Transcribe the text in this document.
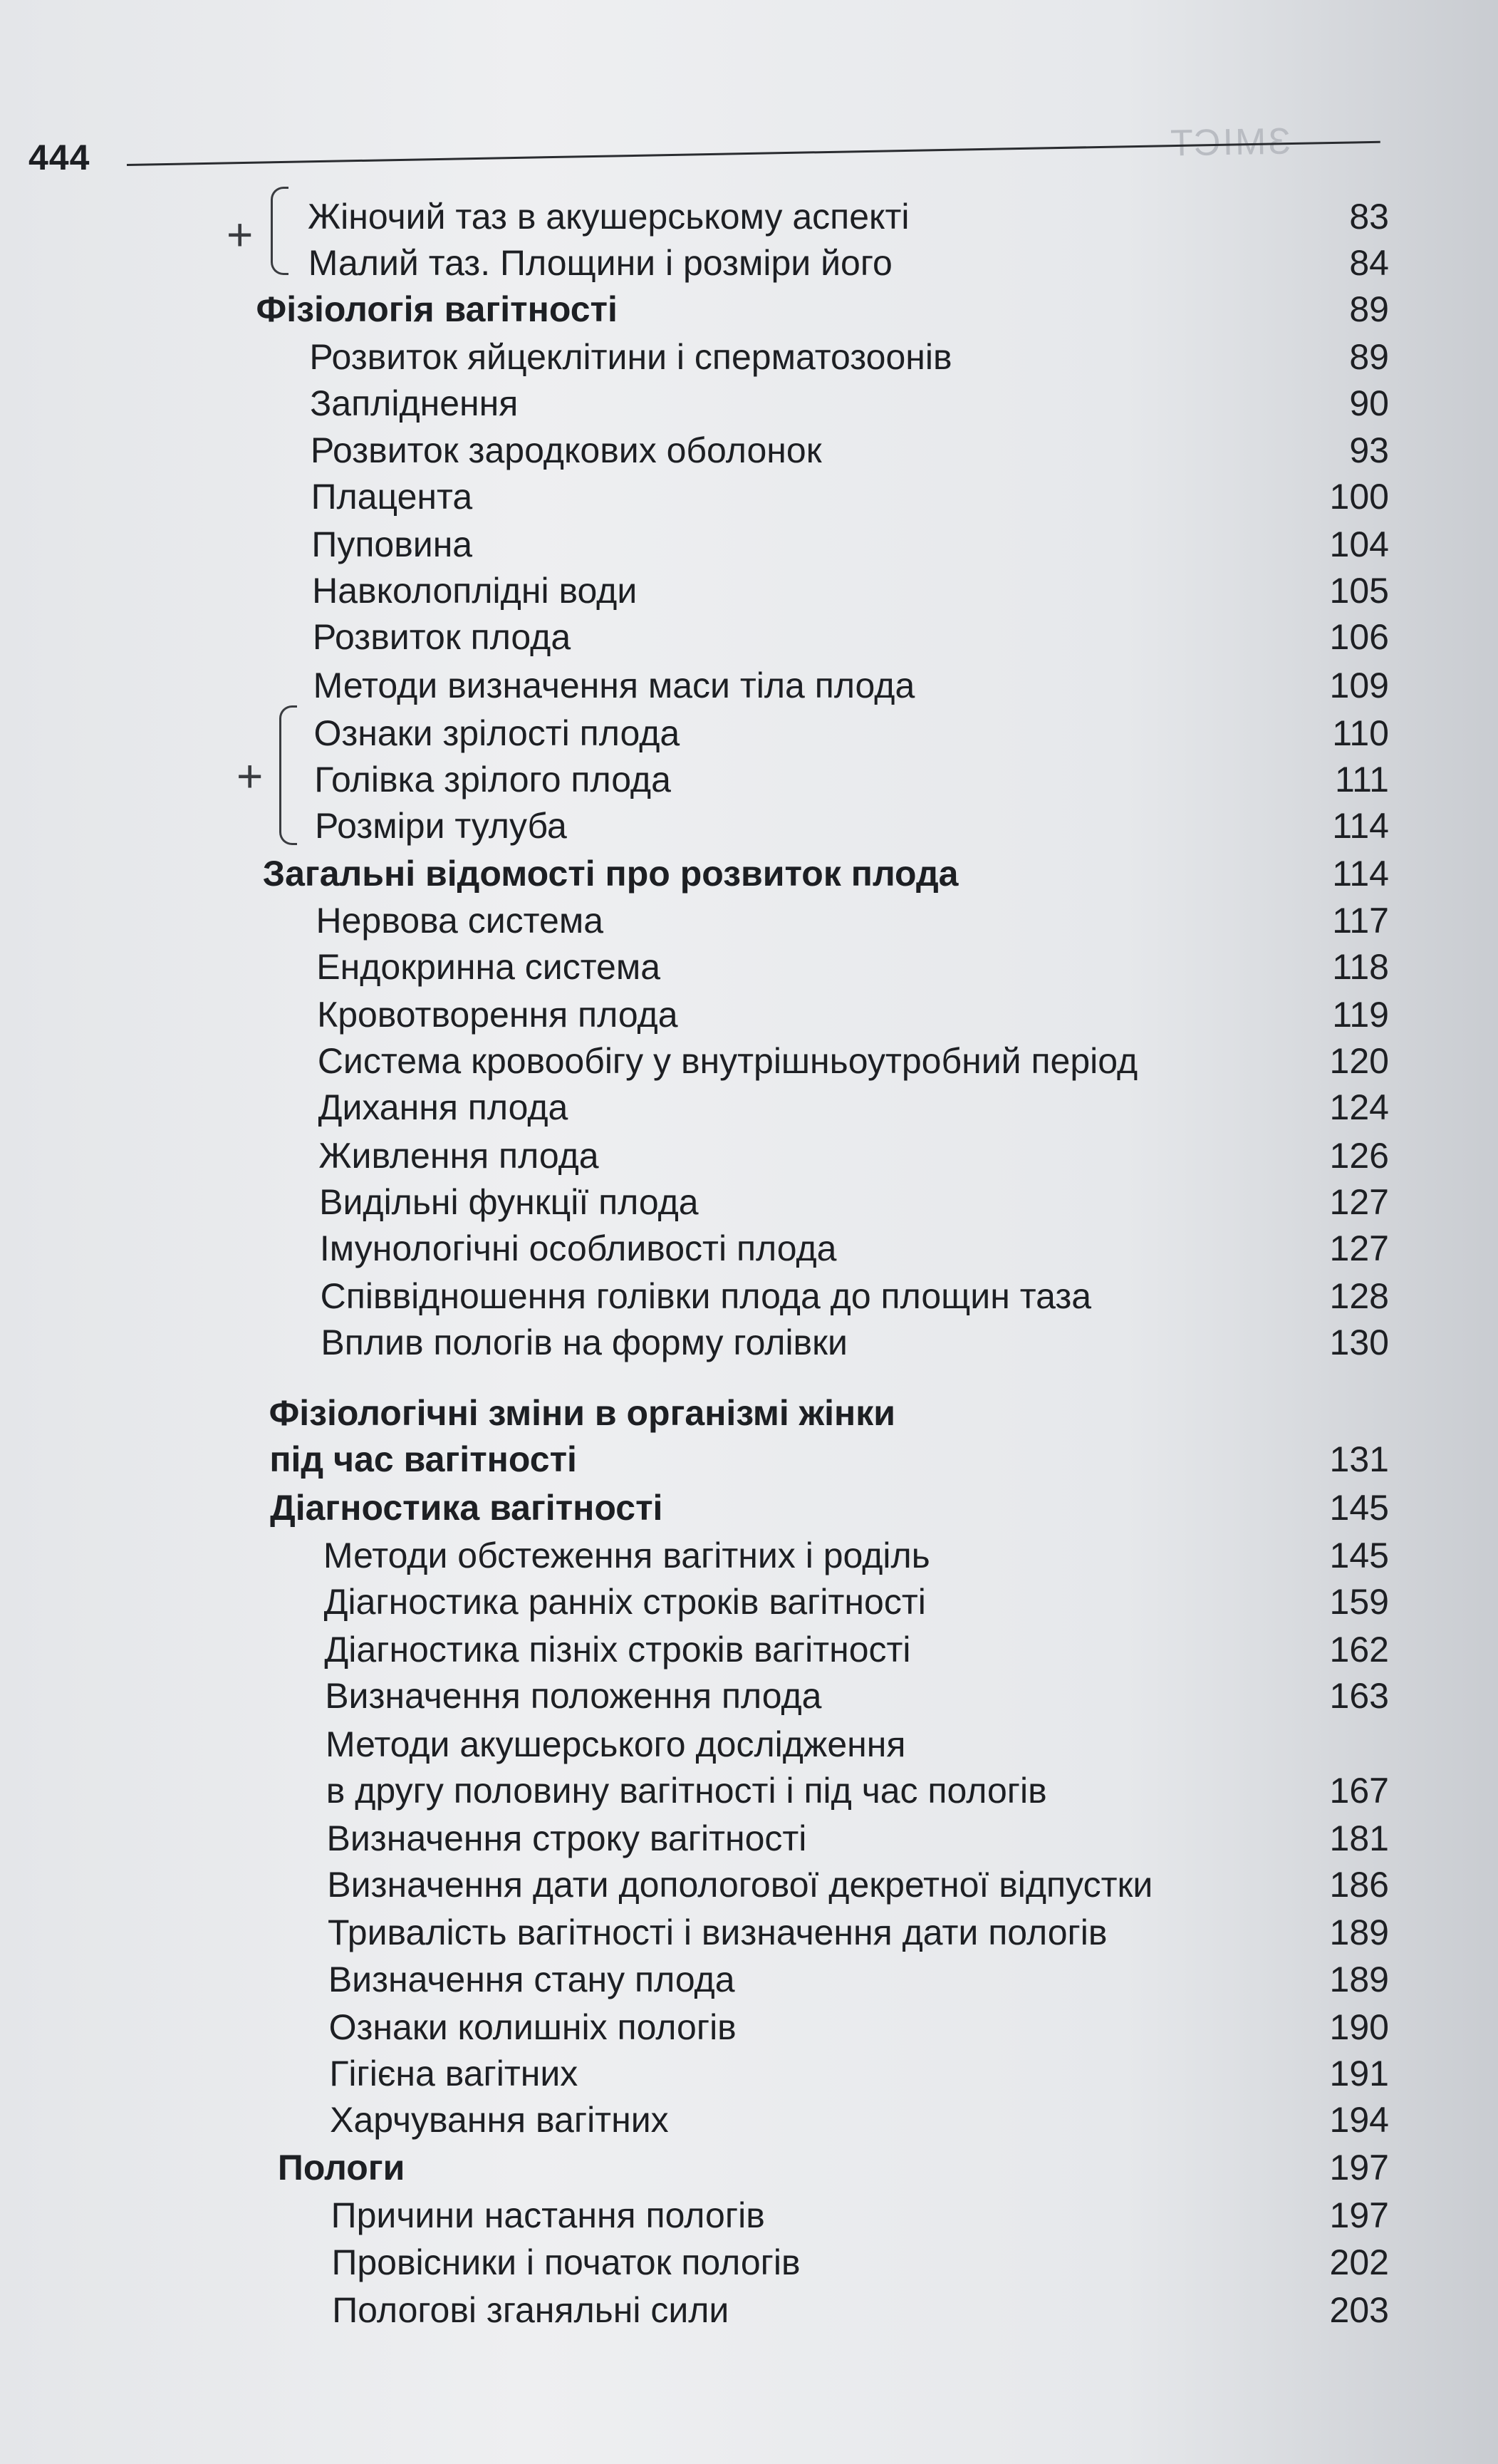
ЗМІСТ
444
+
+
Жіночий таз в акушерському аспекті	83
Малий таз. Площини і розміри його	84
Фізіологія вагітності	89
Розвиток яйцеклітини і сперматозоонів	89
Запліднення	90
Розвиток зародкових оболонок	93
Плацента	100
Пуповина	104
Навколоплідні води	105
Розвиток плода	106
Методи визначення маси тіла плода	109
Ознаки зрілості плода	110
Голівка зрілого плода	111
Розміри тулуба	114
Загальні відомості про розвиток плода	114
Нервова система	117
Ендокринна система	118
Кровотворення плода	119
Система кровообігу у внутрішньоутробний період	120
Дихання плода	124
Живлення плода	126
Видільні функції плода	127
Імунологічні особливості плода	127
Співвідношення голівки плода до площин таза	128
Вплив пологів на форму голівки	130
Фізіологічні зміни в організмі жінки
під час вагітності	131
Діагностика вагітності	145
Методи обстеження вагітних і роділь	145
Діагностика ранніх строків вагітності	159
Діагностика пізніх строків вагітності	162
Визначення положення плода	163
Методи акушерського дослідження
в другу половину вагітності і під час пологів	167
Визначення строку вагітності	181
Визначення дати допологової декретної відпустки	186
Тривалість вагітності і визначення дати пологів	189
Визначення стану плода	189
Ознаки колишніх пологів	190
Гігієна вагітних	191
Харчування вагітних	194
Пологи	197
Причини настання пологів	197
Провісники і початок пологів	202
Пологові зганяльні сили	203
